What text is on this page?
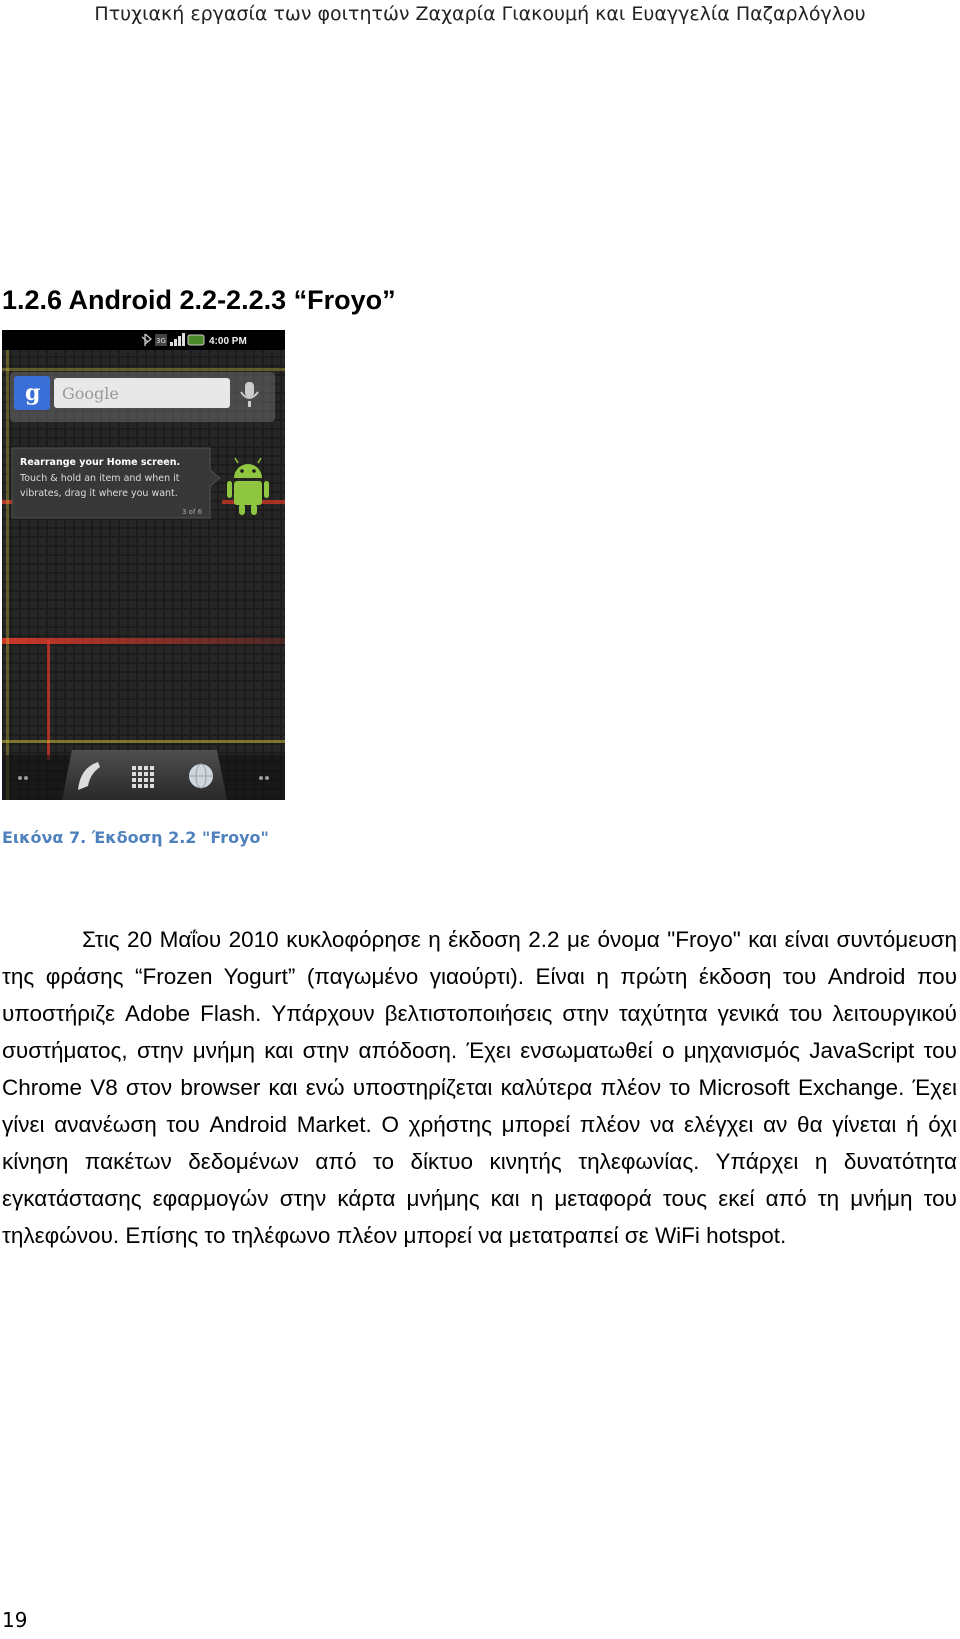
Πτυχιακή εργασία των φοιτητών Ζαχαρία Γιακουμή και Ευαγγελία Παζαρλόγλου
1.2.6 Android 2.2-2.2.3 “Froyo”
3G	4:00 PM
g Google
Rearrange your Home screen.
Touch & hold an item and when it
vibrates, drag it where you want.
3 of 6
Εικόνα 7. Έκδοση 2.2 "Froyo"

Στις 20 Μαΐου 2010 κυκλοφόρησε η έκδοση 2.2 με όνομα "Froyo" και είναι συντόμευση της φράσης “Frozen Yogurt” (παγωμένο γιαούρτι). Είναι η πρώτη έκδοση του Android που υποστήριζε Adobe Flash. Υπάρχουν βελτιστοποιήσεις στην ταχύτητα γενικά του λειτουργικού συστήματος, στην μνήμη και στην απόδοση. Έχει ενσωματωθεί ο μηχανισμός JavaScript του Chrome V8 στον browser και ενώ υποστηρίζεται καλύτερα πλέον το Microsoft Exchange. Έχει γίνει ανανέωση του Android Market. Ο χρήστης μπορεί πλέον να ελέγχει αν θα γίνεται ή όχι κίνηση πακέτων δεδομένων από το δίκτυο κινητής τηλεφωνίας. Υπάρχει η δυνατότητα εγκατάστασης εφαρμογών στην κάρτα μνήμης και η μεταφορά τους εκεί από τη μνήμη του τηλεφώνου. Επίσης το τηλέφωνο πλέον μπορεί να μετατραπεί σε WiFi hotspot.

19
